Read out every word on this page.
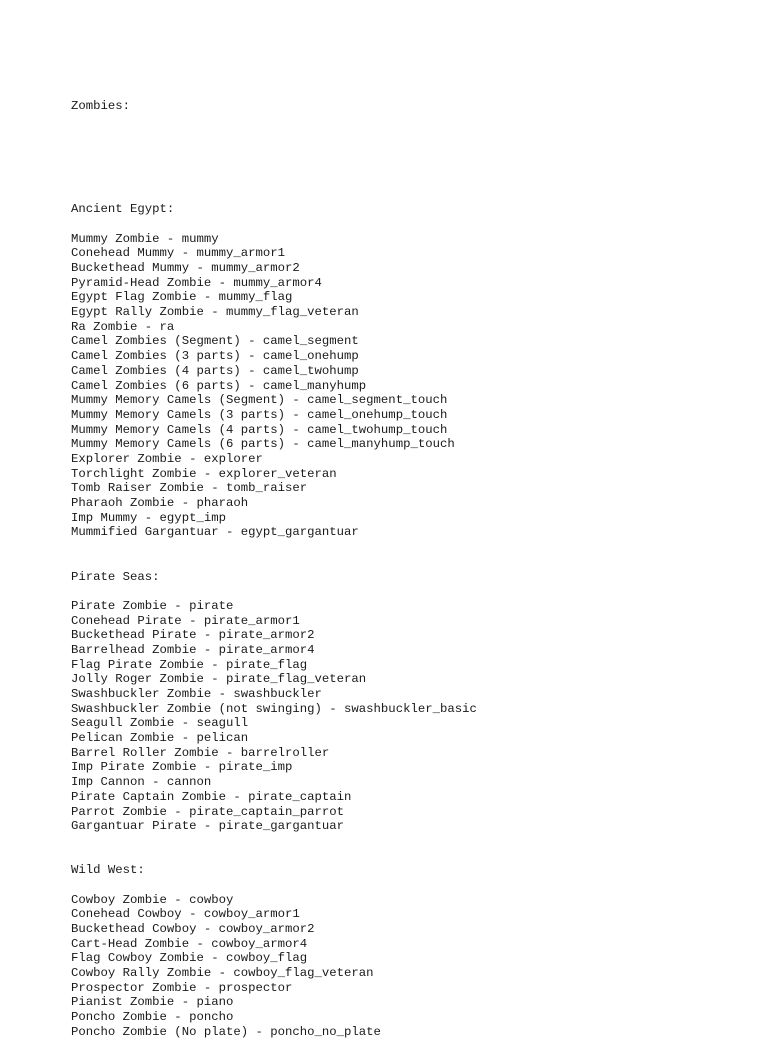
Zombies:

Ancient Egypt:
Mummy Zombie - mummy
Conehead Mummy - mummy_armor1
Buckethead Mummy - mummy_armor2
Pyramid-Head Zombie - mummy_armor4
Egypt Flag Zombie - mummy_flag
Egypt Rally Zombie - mummy_flag_veteran
Ra Zombie - ra
Camel Zombies (Segment) - camel_segment
Camel Zombies (3 parts) - camel_onehump
Camel Zombies (4 parts) - camel_twohump
Camel Zombies (6 parts) - camel_manyhump
Mummy Memory Camels (Segment) - camel_segment_touch
Mummy Memory Camels (3 parts) - camel_onehump_touch
Mummy Memory Camels (4 parts) - camel_twohump_touch
Mummy Memory Camels (6 parts) - camel_manyhump_touch
Explorer Zombie - explorer
Torchlight Zombie - explorer_veteran
Tomb Raiser Zombie - tomb_raiser
Pharaoh Zombie - pharaoh
Imp Mummy - egypt_imp
Mummified Gargantuar - egypt_gargantuar
Pirate Seas:
Pirate Zombie - pirate
Conehead Pirate - pirate_armor1
Buckethead Pirate - pirate_armor2
Barrelhead Zombie - pirate_armor4
Flag Pirate Zombie - pirate_flag
Jolly Roger Zombie - pirate_flag_veteran
Swashbuckler Zombie - swashbuckler
Swashbuckler Zombie (not swinging) - swashbuckler_basic
Seagull Zombie - seagull
Pelican Zombie - pelican
Barrel Roller Zombie - barrelroller
Imp Pirate Zombie - pirate_imp
Imp Cannon - cannon
Pirate Captain Zombie - pirate_captain
Parrot Zombie - pirate_captain_parrot
Gargantuar Pirate - pirate_gargantuar
Wild West:
Cowboy Zombie - cowboy
Conehead Cowboy - cowboy_armor1
Buckethead Cowboy - cowboy_armor2
Cart-Head Zombie - cowboy_armor4
Flag Cowboy Zombie - cowboy_flag
Cowboy Rally Zombie - cowboy_flag_veteran
Prospector Zombie - prospector
Pianist Zombie - piano
Poncho Zombie - poncho
Poncho Zombie (No plate) - poncho_no_plate
